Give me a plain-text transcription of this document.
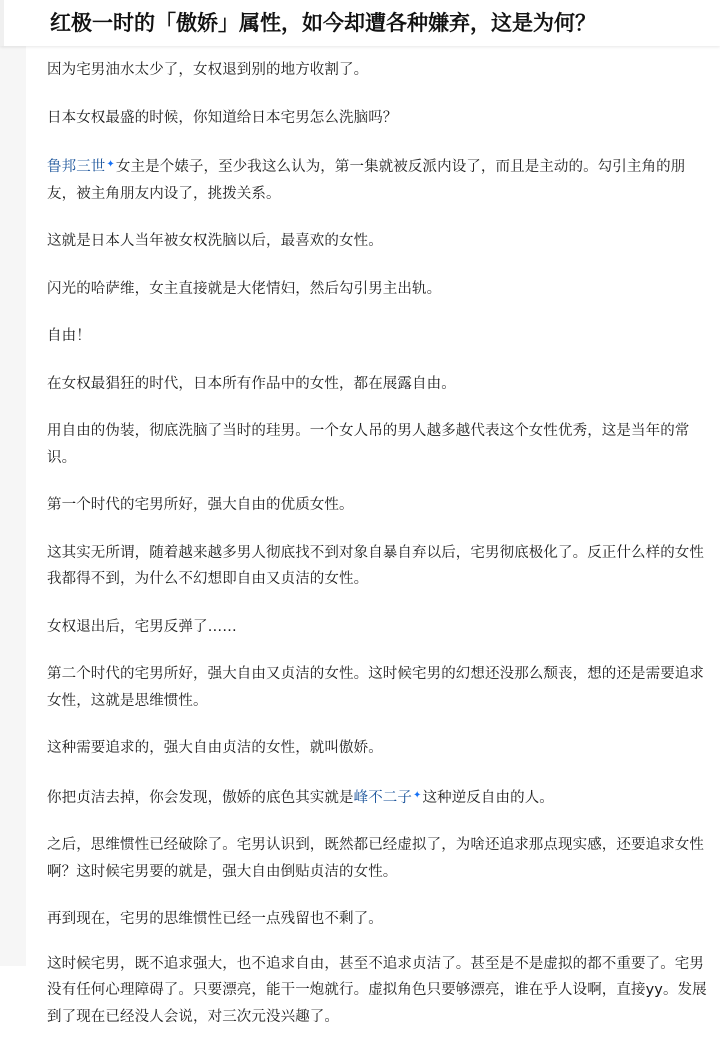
红极一时的「傲娇」属性，如今却遭各种嫌弃，这是为何？

因为宅男油水太少了，女权退到别的地方收割了。

日本女权最盛的时候，你知道给日本宅男怎么洗脑吗？

鲁邦三世✦女主是个婊子，至少我这么认为，第一集就被反派内设了，而且是主动的。勾引主角的朋友，被主角朋友内设了，挑拨关系。

这就是日本人当年被女权洗脑以后，最喜欢的女性。

闪光的哈萨维，女主直接就是大佬情妇，然后勾引男主出轨。

自由！

在女权最猖狂的时代，日本所有作品中的女性，都在展露自由。

用自由的伪装，彻底洗脑了当时的珪男。一个女人吊的男人越多越代表这个女性优秀，这是当年的常识。

第一个时代的宅男所好，强大自由的优质女性。

这其实无所谓，随着越来越多男人彻底找不到对象自暴自弃以后，宅男彻底极化了。反正什么样的女性我都得不到，为什么不幻想即自由又贞洁的女性。

女权退出后，宅男反弹了……

第二个时代的宅男所好，强大自由又贞洁的女性。这时候宅男的幻想还没那么颓丧，想的还是需要追求女性，这就是思维惯性。

这种需要追求的，强大自由贞洁的女性，就叫傲娇。

你把贞洁去掉，你会发现，傲娇的底色其实就是峰不二子✦这种逆反自由的人。

之后，思维惯性已经破除了。宅男认识到，既然都已经虚拟了，为啥还追求那点现实感，还要追求女性啊？这时候宅男要的就是，强大自由倒贴贞洁的女性。

再到现在，宅男的思维惯性已经一点残留也不剩了。

这时候宅男，既不追求强大，也不追求自由，甚至不追求贞洁了。甚至是不是虚拟的都不重要了。宅男没有任何心理障碍了。只要漂亮，能干一炮就行。虚拟角色只要够漂亮，谁在乎人设啊，直接yy。发展到了现在已经没人会说，对三次元没兴趣了。
